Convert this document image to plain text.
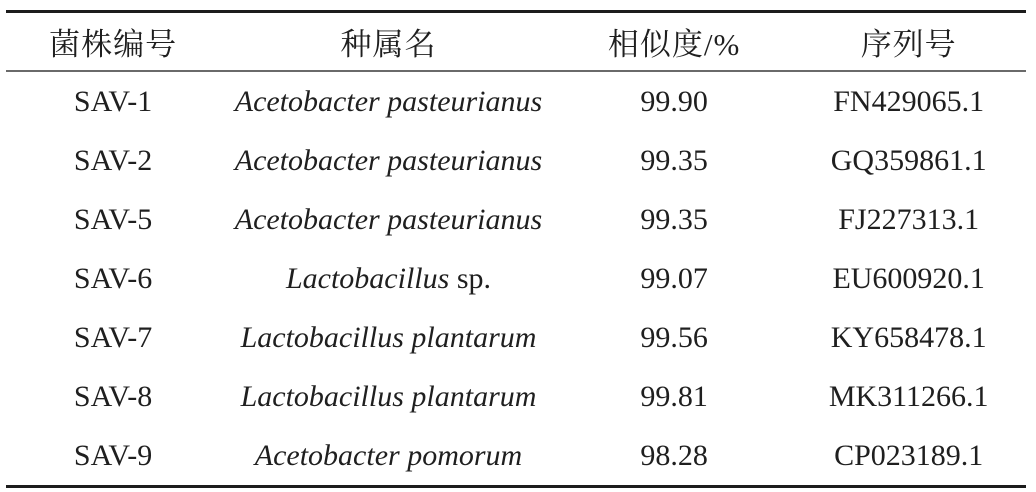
菌株编号	种属名	相似度/%	序列号
SAV-1	Acetobacter pasteurianus	99.90	FN429065.1
SAV-2	Acetobacter pasteurianus	99.35	GQ359861.1
SAV-5	Acetobacter pasteurianus	99.35	FJ227313.1
SAV-6	Lactobacillus sp.	99.07	EU600920.1
SAV-7	Lactobacillus plantarum	99.56	KY658478.1
SAV-8	Lactobacillus plantarum	99.81	MK311266.1
SAV-9	Acetobacter pomorum	98.28	CP023189.1
